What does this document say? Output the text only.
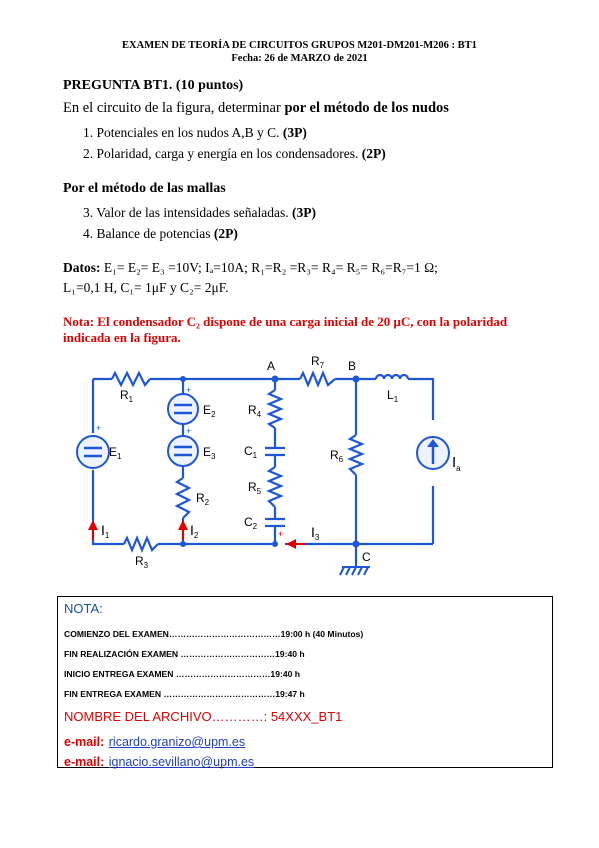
EXAMEN DE TEORÍA DE CIRCUITOS GRUPOS M201-DM201-M206 : BT1
Fecha: 26 de MARZO de 2021
PREGUNTA BT1. (10 puntos)
En el circuito de la figura, determinar por el método de los nudos
1. Potenciales en los nudos A,B y C. (3P)
2. Polaridad, carga y energía en los condensadores. (2P)
Por el método de las mallas
3. Valor de las intensidades señaladas. (3P)
4. Balance de potencias (2P)
Datos: E₁= E₂= E₃ =10V; Iₐ=10A; R₁=R₂ =R₃= R₄= R₅= R₆=R₇=1 Ω;
L₁=0,1 H, C₁= 1μF y C₂= 2μF.
Nota: El condensador C₂ dispone de una carga inicial de 20 μC, con la polaridad
indicada en la figura.
+
+
+
+
A	B
C
$R_1$
$R_7$
$L_1$
$E_1$
$E_2$
$E_3$
$R_2$
$R_4$
$C_1$
$R_5$
$C_2$
$R_6$
$R_3$
$I_1$	$I_2$	$I_3$
$I_a$
NOTA:
COMIENZO DEL EXAMEN…………………………………19:00 h (40 Minutos)
FIN REALIZACIÓN EXAMEN ……………………………19:40 h
INICIO ENTREGA EXAMEN ……………………………19:40 h
FIN ENTREGA EXAMEN …………………………………19:47 h
NOMBRE DEL ARCHIVO…………: 54XXX_BT1
e-mail: ricardo.granizo@upm.es
e-mail: ignacio.sevillano@upm.es
